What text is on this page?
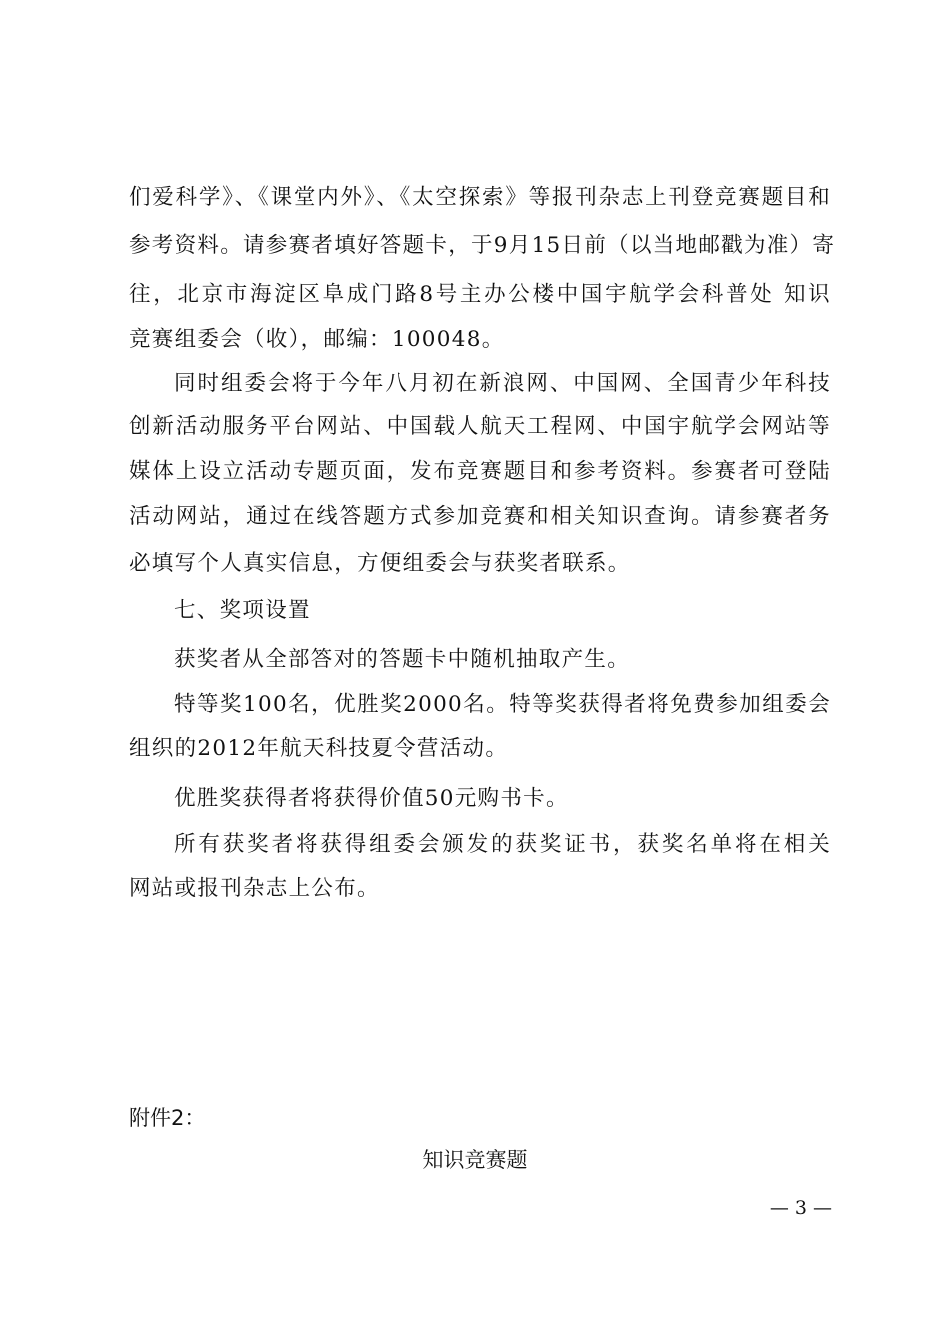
们爱科学》、《课堂内外》、《太空探索》等报刊杂志上刊登竞赛题目和
参考资料。请参赛者填好答题卡，于9月15日前（以当地邮戳为准）寄
往，北京市海淀区阜成门路8号主办公楼中国宇航学会科普处 知识
竞赛组委会（收），邮编：100048。
同时组委会将于今年八月初在新浪网、中国网、全国青少年科技
创新活动服务平台网站、中国载人航天工程网、中国宇航学会网站等
媒体上设立活动专题页面，发布竞赛题目和参考资料。参赛者可登陆
活动网站，通过在线答题方式参加竞赛和相关知识查询。请参赛者务
必填写个人真实信息，方便组委会与获奖者联系。
七、奖项设置
获奖者从全部答对的答题卡中随机抽取产生。
特等奖100名，优胜奖2000名。特等奖获得者将免费参加组委会
组织的2012年航天科技夏令营活动。
优胜奖获得者将获得价值50元购书卡。
所有获奖者将获得组委会颁发的获奖证书，获奖名单将在相关
网站或报刊杂志上公布。
附件2：
知识竞赛题
— 3 —
